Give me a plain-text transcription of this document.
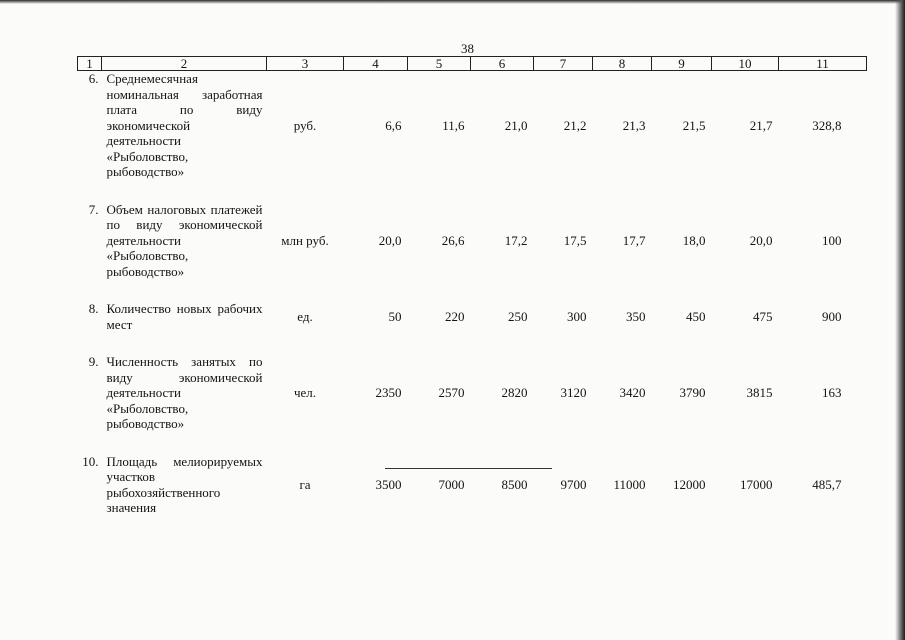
38
1	2	3	4	5	6	7	8	9	10	11
6.	Среднемесячная номинальная заработная плата по виду экономической деятельности «Рыболовство, рыбоводство»	руб.	6,6	11,6	21,0	21,2	21,3	21,5	21,7	328,8

7.	Объем налоговых платежей по виду экономической деятельности «Рыболовство, рыбоводство»	млн руб.	20,0	26,6	17,2	17,5	17,7	18,0	20,0	100

8.	Количество новых рабочих мест	ед.	50	220	250	300	350	450	475	900

9.	Численность занятых по виду экономической деятельности «Рыболовство, рыбоводство»	чел.	2350	2570	2820	3120	3420	3790	3815	163

10.	Площадь мелиорируемых участков рыбохозяйственного значения	га	3500	7000	8500	9700	11000	12000	17000	485,7
